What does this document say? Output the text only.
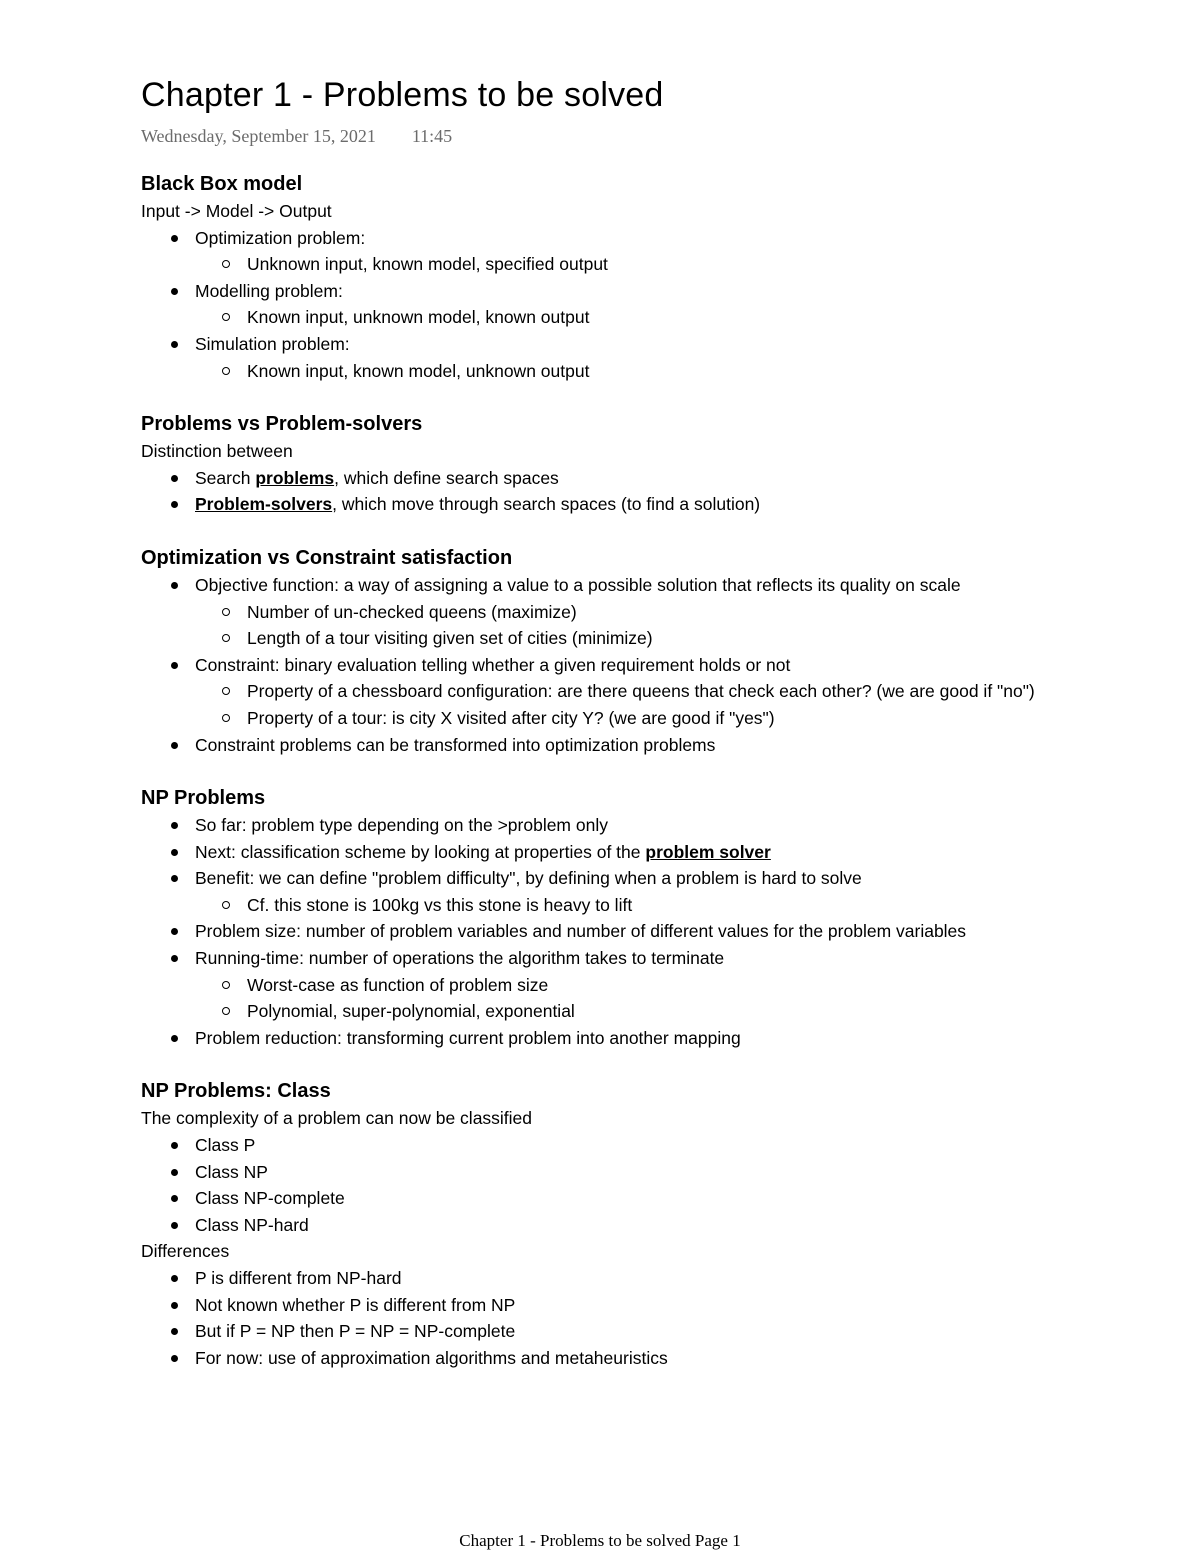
Chapter 1 - Problems to be solved
Wednesday, September 15, 2021 11:45

Black Box model

Input -> Model -> Output

Optimization problem:
Unknown input, known model, specified output
Modelling problem:
Known input, unknown model, known output
Simulation problem:
Known input, known model, unknown output

Problems vs Problem-solvers

Distinction between

Search problems, which define search spaces
Problem-solvers, which move through search spaces (to find a solution)

Optimization vs Constraint satisfaction

Objective function: a way of assigning a value to a possible solution that reflects its quality on scale
Number of un-checked queens (maximize)
Length of a tour visiting given set of cities (minimize)
Constraint: binary evaluation telling whether a given requirement holds or not
Property of a chessboard configuration: are there queens that check each other? (we are good if "no")
Property of a tour: is city X visited after city Y? (we are good if "yes")
Constraint problems can be transformed into optimization problems

NP Problems

So far: problem type depending on the >problem only
Next: classification scheme by looking at properties of the problem solver
Benefit: we can define "problem difficulty", by defining when a problem is hard to solve
Cf. this stone is 100kg vs this stone is heavy to lift
Problem size: number of problem variables and number of different values for the problem variables
Running-time: number of operations the algorithm takes to terminate
Worst-case as function of problem size
Polynomial, super-polynomial, exponential
Problem reduction: transforming current problem into another mapping

NP Problems: Class

The complexity of a problem can now be classified

Class P
Class NP
Class NP-complete
Class NP-hard

Differences

P is different from NP-hard
Not known whether P is different from NP
But if P = NP then P = NP = NP-complete
For now: use of approximation algorithms and metaheuristics
Chapter 1 - Problems to be solved Page 1
